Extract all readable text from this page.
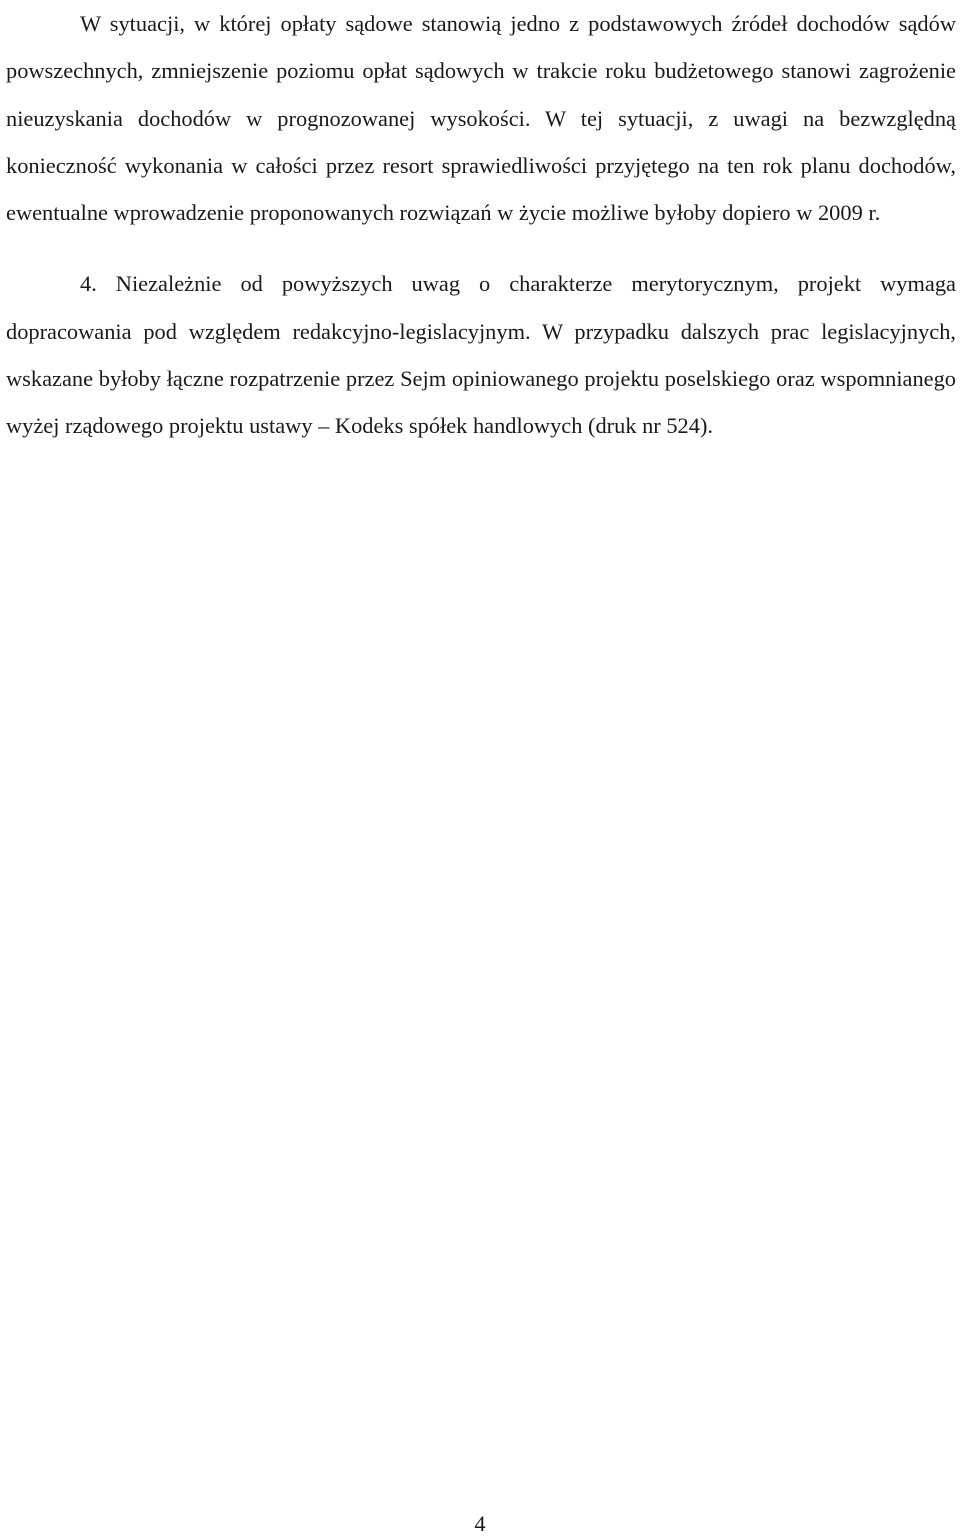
W sytuacji, w której opłaty sądowe stanowią jedno z podstawowych źródeł dochodów sądów powszechnych, zmniejszenie poziomu opłat sądowych w trakcie roku budżetowego stanowi zagrożenie nieuzyskania dochodów w prognozowanej wysokości. W tej sytuacji, z uwagi na bezwzględną konieczność wykonania w całości przez resort sprawiedliwości przyjętego na ten rok planu dochodów, ewentualne wprowadzenie proponowanych rozwiązań w życie możliwe byłoby dopiero w 2009 r.

4. Niezależnie od powyższych uwag o charakterze merytorycznym, projekt wymaga dopracowania pod względem redakcyjno-legislacyjnym. W przypadku dalszych prac legislacyjnych, wskazane byłoby łączne rozpatrzenie przez Sejm opiniowanego projektu poselskiego oraz wspomnianego wyżej rządowego projektu ustawy – Kodeks spółek handlowych (druk nr 524).

4
